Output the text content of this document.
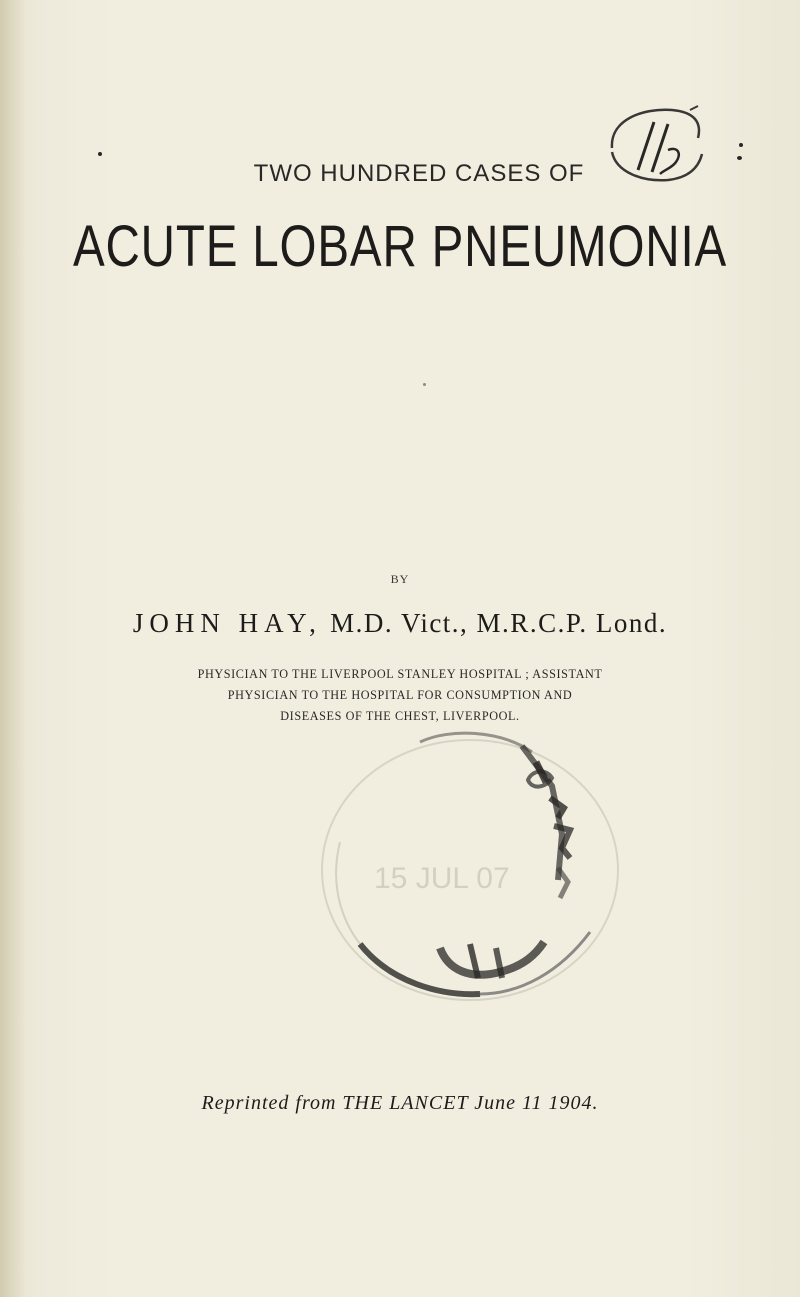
TWO HUNDRED CASES OF
ACUTE LOBAR PNEUMONIA
BY
JOHN HAY, M.D. Vict., M.R.C.P. Lond.
PHYSICIAN TO THE LIVERPOOL STANLEY HOSPITAL ; ASSISTANT
PHYSICIAN TO THE HOSPITAL FOR CONSUMPTION AND
DISEASES OF THE CHEST, LIVERPOOL.
15 JUL 07
Reprinted from THE LANCET June 11 1904.
